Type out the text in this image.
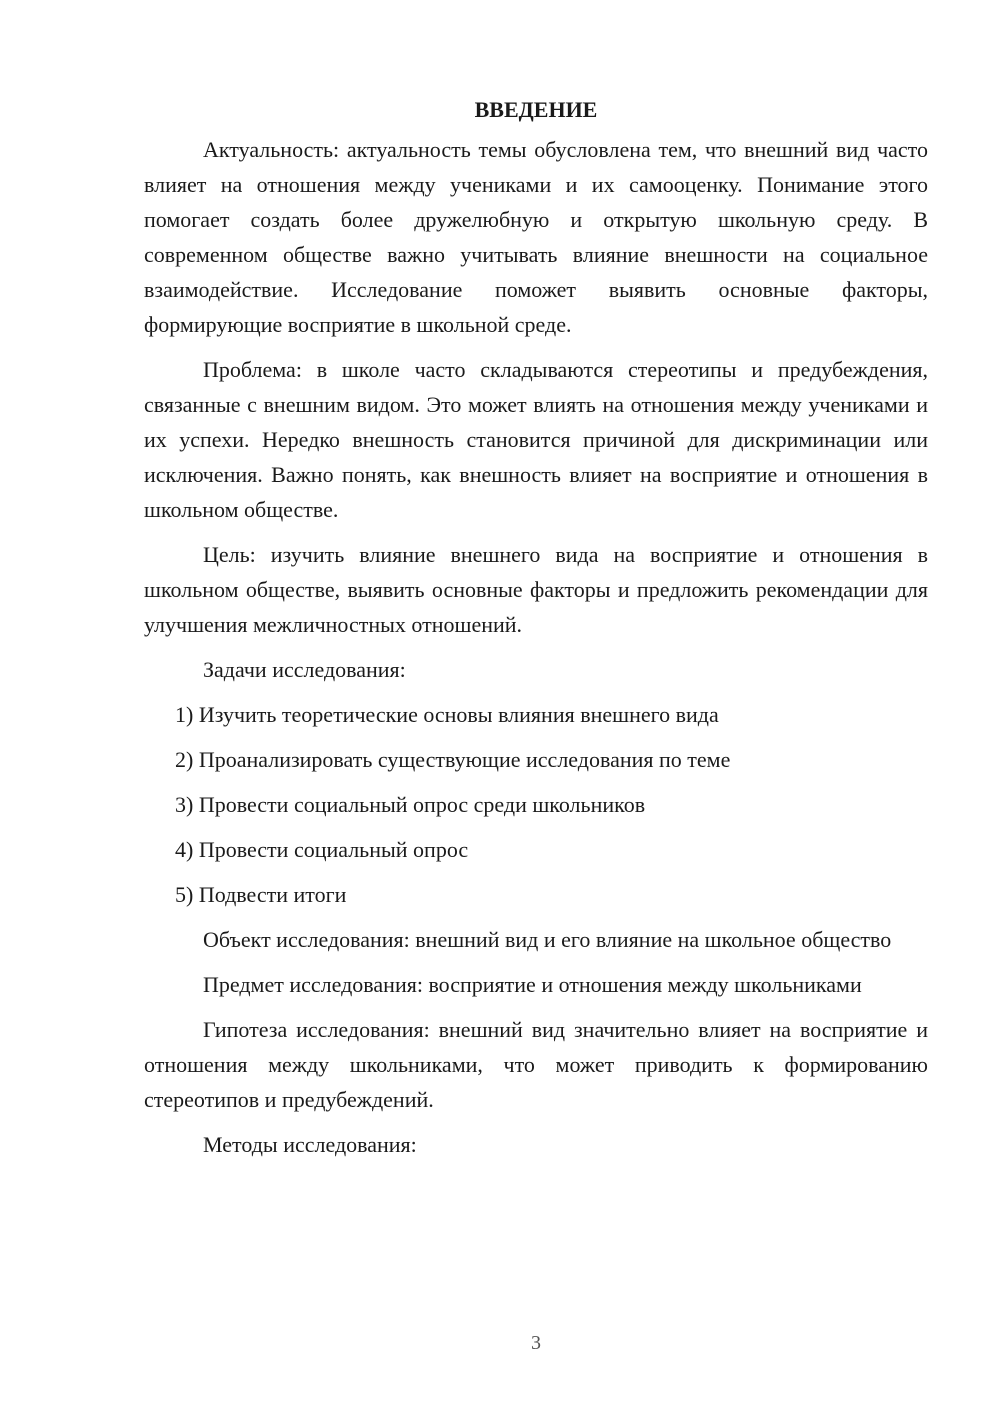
ВВЕДЕНИЕ

Актуальность: актуальность темы обусловлена тем, что внешний вид часто влияет на отношения между учениками и их самооценку. Понимание этого помогает создать более дружелюбную и открытую школьную среду. В современном обществе важно учитывать влияние внешности на социальное взаимодействие. Исследование поможет выявить основные факторы, формирующие восприятие в школьной среде.

Проблема: в школе часто складываются стереотипы и предубеждения, связанные с внешним видом. Это может влиять на отношения между учениками и их успехи. Нередко внешность становится причиной для дискриминации или исключения. Важно понять, как внешность влияет на восприятие и отношения в школьном обществе.

Цель: изучить влияние внешнего вида на восприятие и отношения в школьном обществе, выявить основные факторы и предложить рекомендации для улучшения межличностных отношений.

Задачи исследования:

1) Изучить теоретические основы влияния внешнего вида
2) Проанализировать существующие исследования по теме
3) Провести социальный опрос среди школьников
4) Провести социальный опрос
5) Подвести итоги

Объект исследования: внешний вид и его влияние на школьное общество

Предмет исследования: восприятие и отношения между школьниками

Гипотеза исследования: внешний вид значительно влияет на восприятие и отношения между школьниками, что может приводить к формированию стереотипов и предубеждений.

Методы исследования:

3
